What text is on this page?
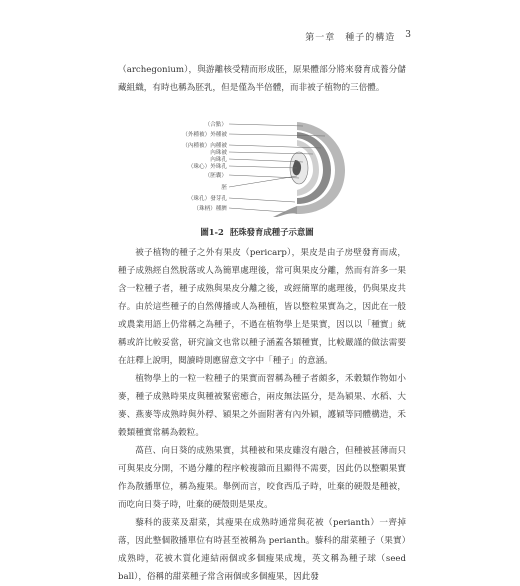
第一章 種子的構造 3

（archegonium），與游離核受精而形成胚，原果體部分將來發育成養分儲藏組織，有時也稱為胚乳，但是僅為半倍體，而非被子植物的三倍體。

（合點）
（外種被）外種被
（內種被）內種被
內珠被
內珠孔
（珠心）外珠孔
（胚囊）
胚
（珠孔）發芽孔
（珠柄）種臍
圖1-2 胚珠發育成種子示意圖

被子植物的種子之外有果皮（pericarp），果皮是由子房壁發育而成，種子成熟經自然脫落或人為簡單處理後，常可與果皮分離，然而有許多一果含一粒種子者，種子成熟與果皮分離之後，或經簡單的處理後，仍與果皮共存。由於這些種子的自然傳播或人為種植，皆以整粒果實為之，因此在一般或農業用語上仍常稱之為種子，不過在植物學上是果實，因以以「種實」統稱或許比較妥當，研究論文也常以種子涵蓋各類種實，比較嚴謹的做法需要在註釋上說明，閱讀時則應留意文字中「種子」的意涵。

植物學上的一粒一粒種子的果實而習稱為種子者頗多，禾穀類作物如小麥，種子成熟時果皮與種被緊密癒合，兩皮無法區分，是為穎果、水稻、大麥、燕麥等成熟時與外稃、穎果之外面附著有內外穎，護穎等同體構造，禾穀類種實常稱為穀粒。

萵苣、向日葵的成熟果實，其種被和果皮雖沒有融合，但種被甚薄而只可與果皮分開，不過分離的程序較複雜而且顯得不需要，因此仍以整顆果實作為散播單位，稱為瘦果。舉例而言，咬食西瓜子時，吐棄的硬殼是種被，而吃向日葵子時，吐棄的硬殼則是果皮。

藜科的菠菜及甜菜，其瘦果在成熟時通常與花被（perianth）一齊掉落，因此整個散播單位有時甚至被稱為 perianth。藜科的甜菜種子（果實）成熟時，花被木質化連結兩個或多個瘦果成塊，英文稱為種子球（seed ball），俗稱的甜菜種子常含兩個或多個瘦果，因此發
